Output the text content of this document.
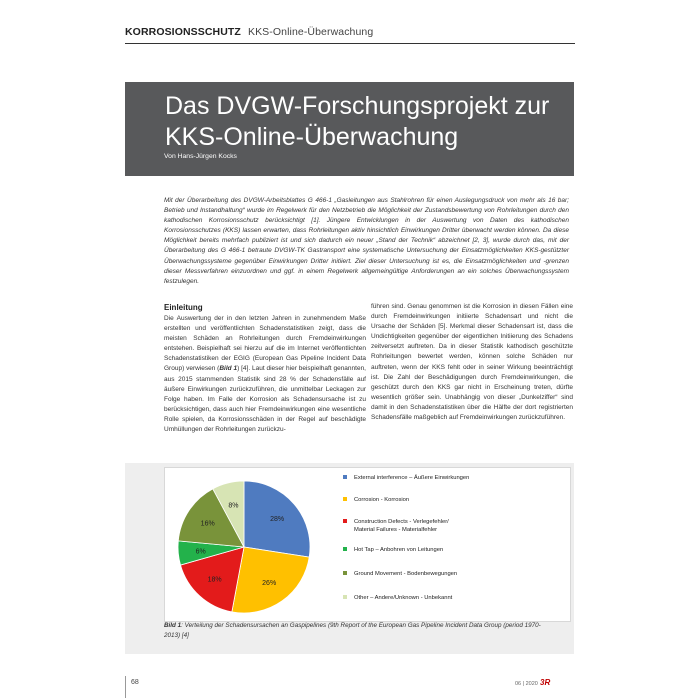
KORROSIONSSCHUTZ KKS-Online-Überwachung
Das DVGW-Forschungsprojekt zur
KKS-Online-Überwachung
Von Hans-Jürgen Kocks
Mit der Überarbeitung des DVGW-Arbeitsblattes G 466-1 „Gasleitungen aus Stahlrohren für einen Auslegungsdruck von mehr als 16 bar; Betrieb und Instandhaltung“ wurde im Regelwerk für den Netzbetrieb die Möglichkeit der Zustandsbewertung von Rohrleitungen durch den kathodischen Korrosionsschutz berücksichtigt [1]. Jüngere Entwicklungen in der Auswertung von Daten des kathodischen Korrosionsschutzes (KKS) lassen erwarten, dass Rohrleitungen aktiv hinsichtlich Einwirkungen Dritter überwacht werden können. Da diese Möglichkeit bereits mehrfach publiziert ist und sich dadurch ein neuer „Stand der Technik“ abzeichnet [2, 3], wurde durch das, mit der Überarbeitung des G 466-1 betraute DVGW-TK Gastransport eine systematische Untersuchung der Einsatzmöglichkeiten KKS-gestützter Überwachungssysteme gegenüber Einwirkungen Dritter initiiert. Ziel dieser Untersuchung ist es, die Einsatzmöglichkeiten und -grenzen dieser Messverfahren einzuordnen und ggf. in einem Regelwerk allgemeingültige Anforderungen an ein solches Überwachungssystem festzulegen.
Einleitung
Die Auswertung der in den letzten Jahren in zunehmendem Maße erstellten und veröffentlichten Schadenstatistiken zeigt, dass die meisten Schäden an Rohrleitungen durch Fremdeinwirkungen entstehen. Beispielhaft sei hierzu auf die im Internet veröffentlichten Schadenstatistiken der EGIG (European Gas Pipeline Incident Data Group) verwiesen (Bild 1) [4]. Laut dieser hier beispielhaft genannten, aus 2015 stammenden Statistik sind 28 % der Schadensfälle auf äußere Einwirkungen zurückzuführen, die unmittelbar Leckagen zur Folge haben. Im Falle der Korrosion als Schadensursache ist zu berücksichtigen, dass auch hier Fremdeinwirkungen eine wesentliche Rolle spielen, da Korrosionsschäden in der Regel auf beschädigte Umhüllungen der Rohrleitungen zurückzu-
führen sind. Genau genommen ist die Korrosion in diesen Fällen eine durch Fremdeinwirkungen initiierte Schadensart und nicht die Ursache der Schäden [5]. Merkmal dieser Schadensart ist, dass die Undichtigkeiten gegenüber der eigentlichen Initiierung des Schadens zeitversetzt auftreten. Da in dieser Statistik kathodisch geschützte Rohrleitungen bewertet werden, können solche Schäden nur auftreten, wenn der KKS fehlt oder in seiner Wirkung beeinträchtigt ist. Die Zahl der Beschädigungen durch Fremdeinwirkungen, die geschützt durch den KKS gar nicht in Erscheinung treten, dürfte wesentlich größer sein. Unabhängig von dieser „Dunkelziffer“ sind damit in den Schadenstatistiken über die Hälfte der dort registrierten Schadensfälle maßgeblich auf Fremdeinwirkungen zurückzuführen.
28%
26%
18%
6%
16%
8%
External interference – Äußere Einwirkungen
Corrosion - Korrosion
Construction Defects - Verlegefehler/
Material Failures - Materialfehler
Hot Tap – Anbohren von Leitungen
Ground Movement - Bodenbewegungen
Other – Andere/Unknown - Unbekannt
Bild 1: Verteilung der Schadensursachen an Gaspipelines (9th Report of the European Gas Pipeline Incident Data Group (period 1970-2013) [4]
68	06 | 2020 3R
